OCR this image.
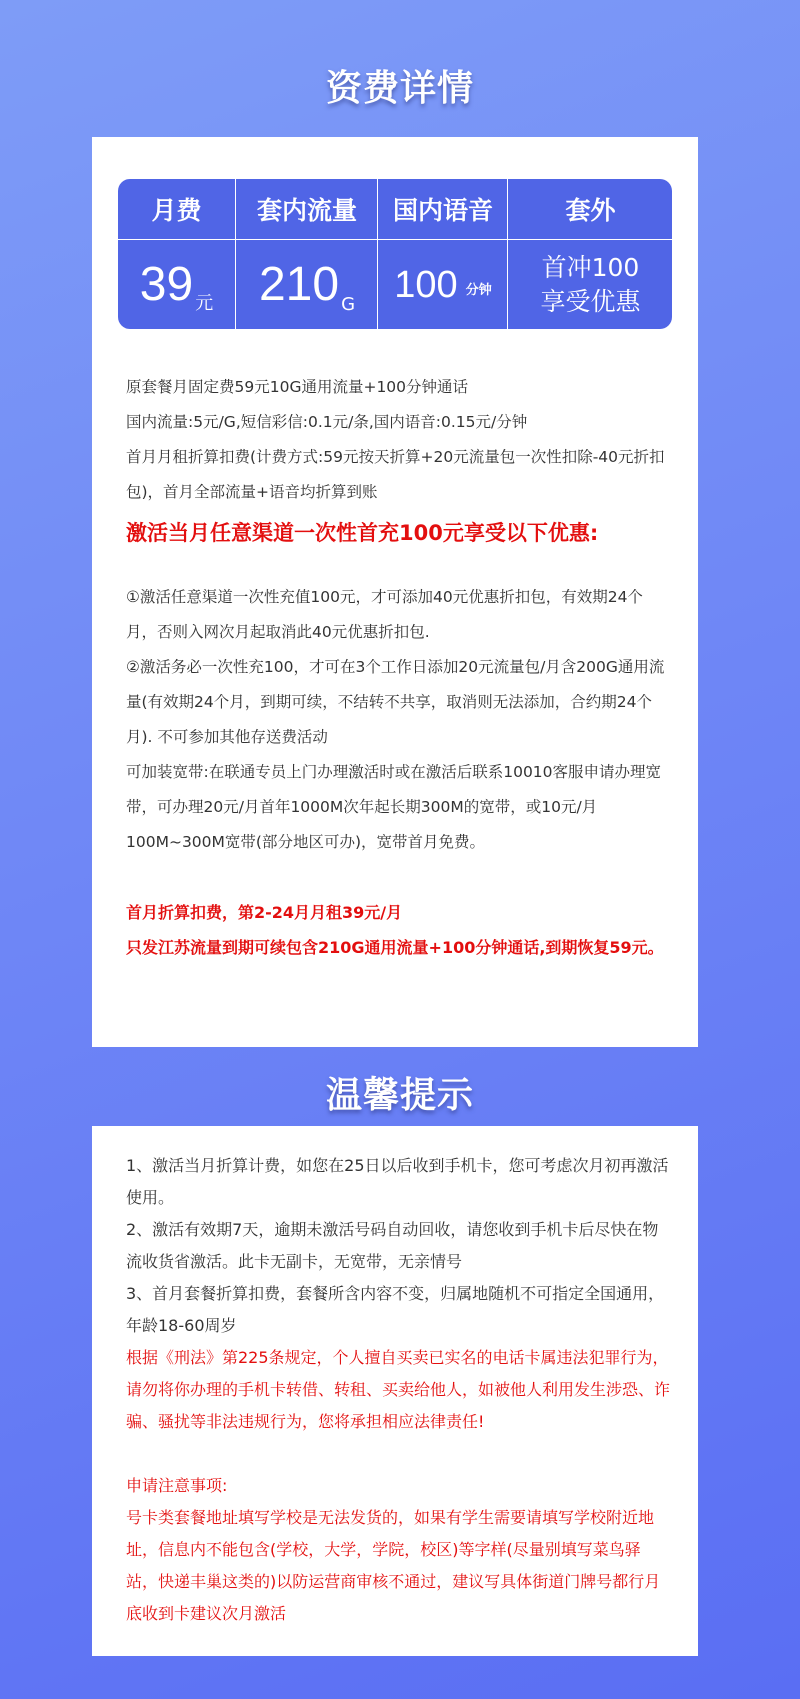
资费详情
月费
39 元
套内流量
210 G
国内语音
100 分钟
套外
首冲100
享受优惠

原套餐月固定费59元10G通用流量+100分钟通话

国内流量:5元/G,短信彩信:0.1元/条,国内语音:0.15元/分钟

首月月租折算扣费(计费方式:59元按天折算+20元流量包一次性扣除-40元折扣包)，首月全部流量+语音均折算到账

激活当月任意渠道一次性首充100元享受以下优惠:

①激活任意渠道一次性充值100元，才可添加40元优惠折扣包，有效期24个月，否则入网次月起取消此40元优惠折扣包.

②激活务必一次性充100，才可在3个工作日添加20元流量包/月含200G通用流量(有效期24个月，到期可续，不结转不共享，取消则无法添加，合约期24个月). 不可参加其他存送费活动

可加装宽带:在联通专员上门办理激活时或在激活后联系10010客服申请办理宽带，可办理20元/月首年1000M次年起长期300M的宽带，或10元/月100M~300M宽带(部分地区可办)，宽带首月免费。

首月折算扣费，第2-24月月租39元/月

只发江苏流量到期可续包含210G通用流量+100分钟通话,到期恢复59元。

温馨提示

1、激活当月折算计费，如您在25日以后收到手机卡，您可考虑次月初再激活使用。

2、激活有效期7天，逾期未激活号码自动回收，请您收到手机卡后尽快在物流收货省激活。此卡无副卡，无宽带，无亲情号

3、首月套餐折算扣费，套餐所含内容不变，归属地随机不可指定全国通用，年龄18-60周岁

根据《刑法》第225条规定，个人擅自买卖已实名的电话卡属违法犯罪行为，请勿将你办理的手机卡转借、转租、买卖给他人，如被他人利用发生涉恐、诈骗、骚扰等非法违规行为，您将承担相应法律责任!

申请注意事项:

号卡类套餐地址填写学校是无法发货的，如果有学生需要请填写学校附近地址，信息内不能包含(学校，大学，学院，校区)等字样(尽量别填写菜鸟驿站，快递丰巢这类的)以防运营商审核不通过，建议写具体街道门牌号都行月底收到卡建议次月激活
